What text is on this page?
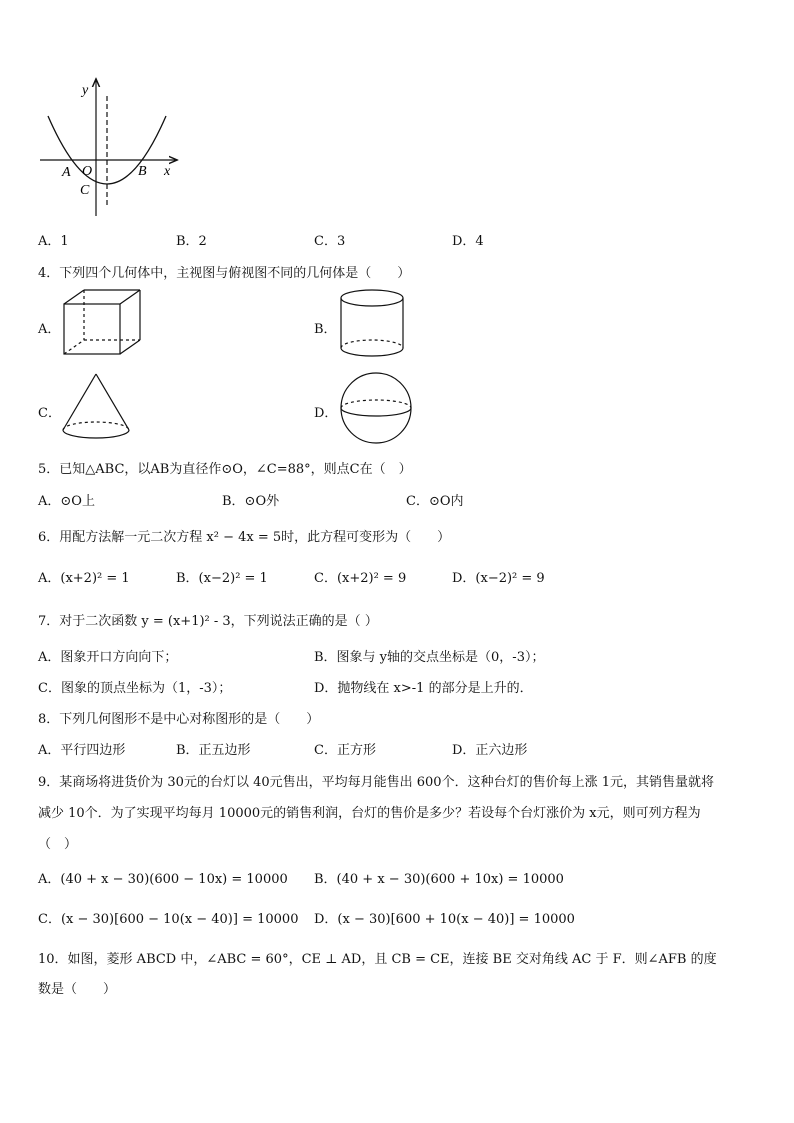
y
x
A O	B
C
A．1	B．2	C．3	D．4
4．下列四个几何体中，主视图与俯视图不同的几何体是（　　）
A．	B．
C．	D．
5．已知△ABC，以AB为直径作⊙O，∠C=88°，则点C在（　）
A．⊙O上	B．⊙O外	C．⊙O内
6．用配方法解一元二次方程 x² − 4x = 5时，此方程可变形为（　　）
A．(x+2)² = 1	B．(x−2)² = 1	C．(x+2)² = 9	D．(x−2)² = 9
7．对于二次函数 y = (x+1)² - 3，下列说法正确的是（ ）
A．图象开口方向向下；	B．图象与 y轴的交点坐标是（0，-3）；
C．图象的顶点坐标为（1，-3）；	D．抛物线在 x>-1 的部分是上升的．
8．下列几何图形不是中心对称图形的是（　　）
A．平行四边形	B．正五边形	C．正方形	D．正六边形
9．某商场将进货价为 30元的台灯以 40元售出，平均每月能售出 600个．这种台灯的售价每上涨 1元，其销售量就将
减少 10个．为了实现平均每月 10000元的销售利润，台灯的售价是多少？若设每个台灯涨价为 x元，则可列方程为
（　）
A．(40 + x − 30)(600 − 10x) = 10000 B．(40 + x − 30)(600 + 10x) = 10000
C．(x − 30)[600 − 10(x − 40)] = 10000 D．(x − 30)[600 + 10(x − 40)] = 10000
10．如图，菱形 ABCD 中，∠ABC = 60°，CE ⊥ AD，且 CB = CE，连接 BE 交对角线 AC 于 F．则∠AFB 的度
数是（　　）
